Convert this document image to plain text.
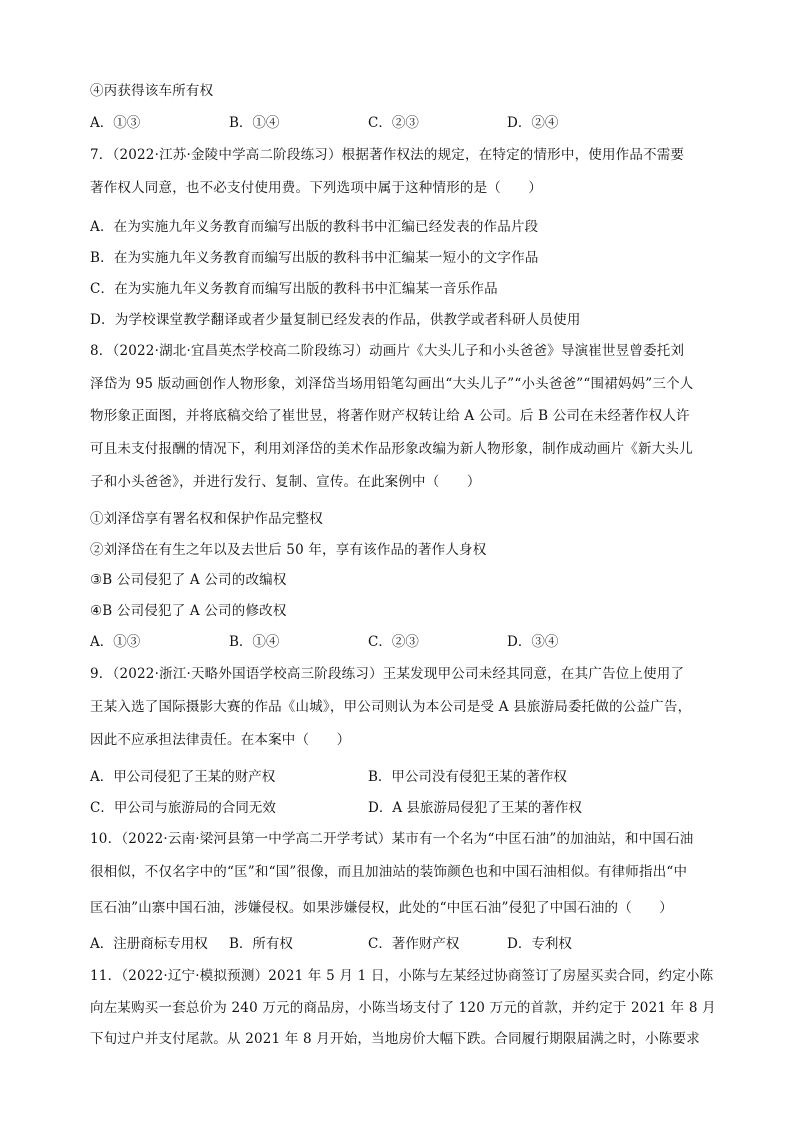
④丙获得该车所有权
A．①③	B．①④	C．②③	D．②④
7．（2022·江苏·金陵中学高二阶段练习）根据著作权法的规定，在特定的情形中，使用作品不需要
著作权人同意，也不必支付使用费。下列选项中属于这种情形的是（　　）
A．在为实施九年义务教育而编写出版的教科书中汇编已经发表的作品片段
B．在为实施九年义务教育而编写出版的教科书中汇编某一短小的文字作品
C．在为实施九年义务教育而编写出版的教科书中汇编某一音乐作品
D．为学校课堂教学翻译或者少量复制已经发表的作品，供教学或者科研人员使用
8．（2022·湖北·宜昌英杰学校高二阶段练习）动画片《大头儿子和小头爸爸》导演崔世昱曾委托刘
泽岱为 95 版动画创作人物形象，刘泽岱当场用铅笔勾画出“大头儿子”“小头爸爸”“围裙妈妈”三个人
物形象正面图，并将底稿交给了崔世昱，将著作财产权转让给 A 公司。后 B 公司在未经著作权人许
可且未支付报酬的情况下，利用刘泽岱的美术作品形象改编为新人物形象，制作成动画片《新大头儿
子和小头爸爸》，并进行发行、复制、宣传。在此案例中（　　）
①刘泽岱享有署名权和保护作品完整权
②刘泽岱在有生之年以及去世后 50 年，享有该作品的著作人身权
③B 公司侵犯了 A 公司的改编权
④B 公司侵犯了 A 公司的修改权
A．①③	B．①④	C．②③	D．③④
9．（2022·浙江·天略外国语学校高三阶段练习）王某发现甲公司未经其同意，在其广告位上使用了
王某入选了国际摄影大赛的作品《山城》，甲公司则认为本公司是受 A 县旅游局委托做的公益广告，
因此不应承担法律责任。在本案中（　　）
A．甲公司侵犯了王某的财产权	B．甲公司没有侵犯王某的著作权
C．甲公司与旅游局的合同无效	D．A 县旅游局侵犯了王某的著作权
10．（2022·云南·梁河县第一中学高二开学考试）某市有一个名为“中匡石油”的加油站，和中国石油
很相似，不仅名字中的“匡”和“国”很像，而且加油站的装饰颜色也和中国石油相似。有律师指出“中
匡石油”山寨中国石油，涉嫌侵权。如果涉嫌侵权，此处的“中匡石油”侵犯了中国石油的（　　）
A．注册商标专用权 B．所有权	C．著作财产权	D．专利权
11．（2022·辽宁·模拟预测）2021 年 5 月 1 日，小陈与左某经过协商签订了房屋买卖合同，约定小陈
向左某购买一套总价为 240 万元的商品房，小陈当场支付了 120 万元的首款，并约定于 2021 年 8 月
下旬过户并支付尾款。从 2021 年 8 月开始，当地房价大幅下跌。合同履行期限届满之时，小陈要求
